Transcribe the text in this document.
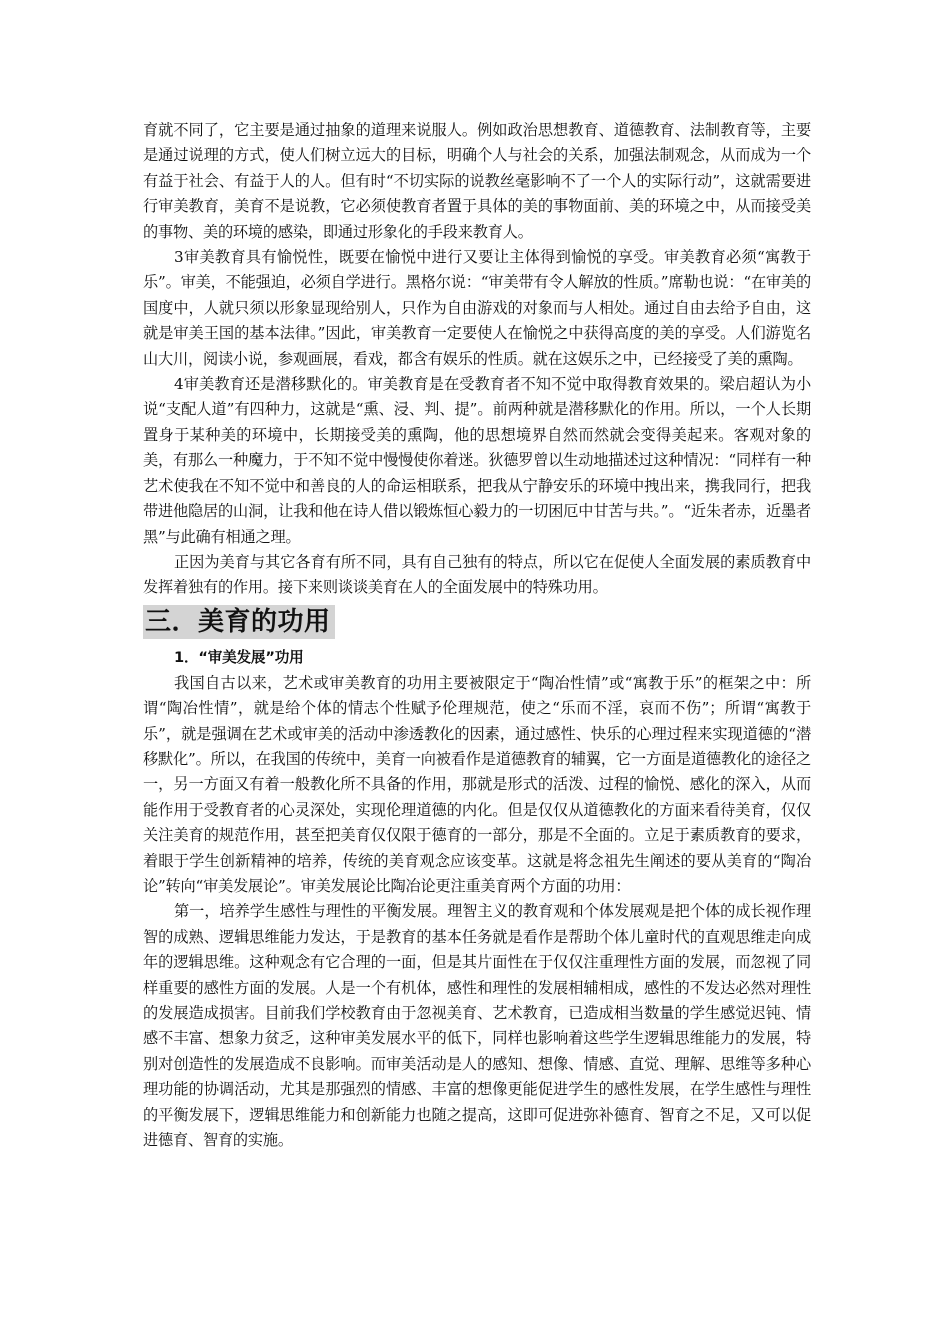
育就不同了，它主要是通过抽象的道理来说服人。例如政治思想教育、道德教育、法制教育等，主要是通过说理的方式，使人们树立远大的目标，明确个人与社会的关系，加强法制观念，从而成为一个有益于社会、有益于人的人。但有时“不切实际的说教丝毫影响不了一个人的实际行动”，这就需要进行审美教育，美育不是说教，它必须使教育者置于具体的美的事物面前、美的环境之中，从而接受美的事物、美的环境的感染，即通过形象化的手段来教育人。

3审美教育具有愉悦性，既要在愉悦中进行又要让主体得到愉悦的享受。审美教育必须“寓教于乐”。审美，不能强迫，必须自学进行。黑格尔说：“审美带有令人解放的性质。”席勒也说：“在审美的国度中，人就只须以形象显现给别人，只作为自由游戏的对象而与人相处。通过自由去给予自由，这就是审美王国的基本法律。”因此，审美教育一定要使人在愉悦之中获得高度的美的享受。人们游览名山大川，阅读小说，参观画展，看戏，都含有娱乐的性质。就在这娱乐之中，已经接受了美的熏陶。

4审美教育还是潜移默化的。审美教育是在受教育者不知不觉中取得教育效果的。梁启超认为小说“支配人道”有四种力，这就是“熏、浸、判、提”。前两种就是潜移默化的作用。所以，一个人长期置身于某种美的环境中，长期接受美的熏陶，他的思想境界自然而然就会变得美起来。客观对象的美，有那么一种魔力，于不知不觉中慢慢使你着迷。狄德罗曾以生动地描述过这种情况：“同样有一种艺术使我在不知不觉中和善良的人的命运相联系，把我从宁静安乐的环境中拽出来，携我同行，把我带进他隐居的山洞，让我和他在诗人借以锻炼恒心毅力的一切困厄中甘苦与共。”。“近朱者赤，近墨者黑”与此确有相通之理。

正因为美育与其它各育有所不同，具有自己独有的特点，所以它在促使人全面发展的素质教育中发挥着独有的作用。接下来则谈谈美育在人的全面发展中的特殊功用。

三．美育的功用
1．“审美发展”功用

我国自古以来，艺术或审美教育的功用主要被限定于“陶冶性情”或“寓教于乐”的框架之中：所谓“陶冶性情”，就是给个体的情志个性赋予伦理规范，使之“乐而不淫，哀而不伤”；所谓“寓教于乐”，就是强调在艺术或审美的活动中渗透教化的因素，通过感性、快乐的心理过程来实现道德的“潜移默化”。所以，在我国的传统中，美育一向被看作是道德教育的辅翼，它一方面是道德教化的途径之一，另一方面又有着一般教化所不具备的作用，那就是形式的活泼、过程的愉悦、感化的深入，从而能作用于受教育者的心灵深处，实现伦理道德的内化。但是仅仅从道德教化的方面来看待美育，仅仅关注美育的规范作用，甚至把美育仅仅限于德育的一部分，那是不全面的。立足于素质教育的要求，着眼于学生创新精神的培养，传统的美育观念应该变革。这就是将念祖先生阐述的要从美育的“陶冶论”转向“审美发展论”。审美发展论比陶冶论更注重美育两个方面的功用：

第一，培养学生感性与理性的平衡发展。理智主义的教育观和个体发展观是把个体的成长视作理智的成熟、逻辑思维能力发达，于是教育的基本任务就是看作是帮助个体儿童时代的直观思维走向成年的逻辑思维。这种观念有它合理的一面，但是其片面性在于仅仅注重理性方面的发展，而忽视了同样重要的感性方面的发展。人是一个有机体，感性和理性的发展相辅相成，感性的不发达必然对理性的发展造成损害。目前我们学校教育由于忽视美育、艺术教育，已造成相当数量的学生感觉迟钝、情感不丰富、想象力贫乏，这种审美发展水平的低下，同样也影响着这些学生逻辑思维能力的发展，特别对创造性的发展造成不良影响。而审美活动是人的感知、想像、情感、直觉、理解、思维等多种心理功能的协调活动，尤其是那强烈的情感、丰富的想像更能促进学生的感性发展，在学生感性与理性的平衡发展下，逻辑思维能力和创新能力也随之提高，这即可促进弥补德育、智育之不足，又可以促进德育、智育的实施。
